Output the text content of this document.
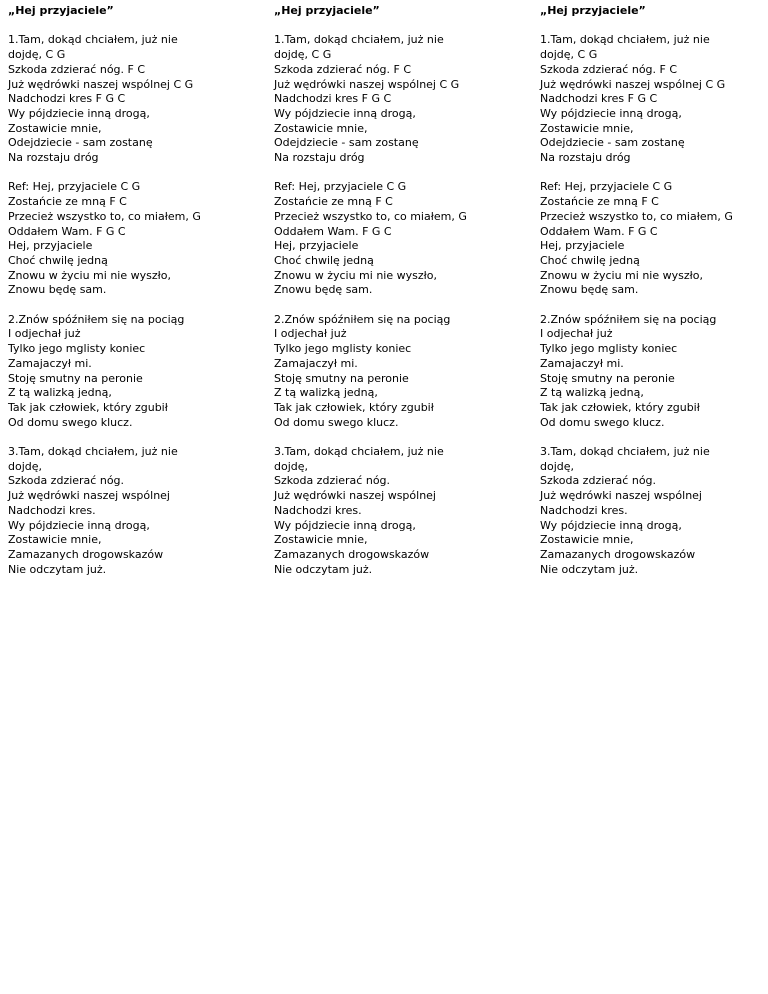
„Hej przyjaciele”
1.Tam, dokąd chciałem, już nie
dojdę, C G
Szkoda zdzierać nóg. F C
Już wędrówki naszej wspólnej C G
Nadchodzi kres F G C
Wy pójdziecie inną drogą,
Zostawicie mnie,
Odejdziecie - sam zostanę
Na rozstaju dróg
Ref: Hej, przyjaciele C G
Zostańcie ze mną F C
Przecież wszystko to, co miałem, G
Oddałem Wam. F G C
Hej, przyjaciele
Choć chwilę jedną
Znowu w życiu mi nie wyszło,
Znowu będę sam.
2.Znów spóźniłem się na pociąg
I odjechał już
Tylko jego mglisty koniec
Zamajaczył mi.
Stoję smutny na peronie
Z tą walizką jedną,
Tak jak człowiek, który zgubił
Od domu swego klucz.
3.Tam, dokąd chciałem, już nie
dojdę,
Szkoda zdzierać nóg.
Już wędrówki naszej wspólnej
Nadchodzi kres.
Wy pójdziecie inną drogą,
Zostawicie mnie,
Zamazanych drogowskazów
Nie odczytam już.
„Hej przyjaciele”
1.Tam, dokąd chciałem, już nie
dojdę, C G
Szkoda zdzierać nóg. F C
Już wędrówki naszej wspólnej C G
Nadchodzi kres F G C
Wy pójdziecie inną drogą,
Zostawicie mnie,
Odejdziecie - sam zostanę
Na rozstaju dróg
Ref: Hej, przyjaciele C G
Zostańcie ze mną F C
Przecież wszystko to, co miałem, G
Oddałem Wam. F G C
Hej, przyjaciele
Choć chwilę jedną
Znowu w życiu mi nie wyszło,
Znowu będę sam.
2.Znów spóźniłem się na pociąg
I odjechał już
Tylko jego mglisty koniec
Zamajaczył mi.
Stoję smutny na peronie
Z tą walizką jedną,
Tak jak człowiek, który zgubił
Od domu swego klucz.
3.Tam, dokąd chciałem, już nie
dojdę,
Szkoda zdzierać nóg.
Już wędrówki naszej wspólnej
Nadchodzi kres.
Wy pójdziecie inną drogą,
Zostawicie mnie,
Zamazanych drogowskazów
Nie odczytam już.
„Hej przyjaciele”
1.Tam, dokąd chciałem, już nie
dojdę, C G
Szkoda zdzierać nóg. F C
Już wędrówki naszej wspólnej C G
Nadchodzi kres F G C
Wy pójdziecie inną drogą,
Zostawicie mnie,
Odejdziecie - sam zostanę
Na rozstaju dróg
Ref: Hej, przyjaciele C G
Zostańcie ze mną F C
Przecież wszystko to, co miałem, G
Oddałem Wam. F G C
Hej, przyjaciele
Choć chwilę jedną
Znowu w życiu mi nie wyszło,
Znowu będę sam.
2.Znów spóźniłem się na pociąg
I odjechał już
Tylko jego mglisty koniec
Zamajaczył mi.
Stoję smutny na peronie
Z tą walizką jedną,
Tak jak człowiek, który zgubił
Od domu swego klucz.
3.Tam, dokąd chciałem, już nie
dojdę,
Szkoda zdzierać nóg.
Już wędrówki naszej wspólnej
Nadchodzi kres.
Wy pójdziecie inną drogą,
Zostawicie mnie,
Zamazanych drogowskazów
Nie odczytam już.
